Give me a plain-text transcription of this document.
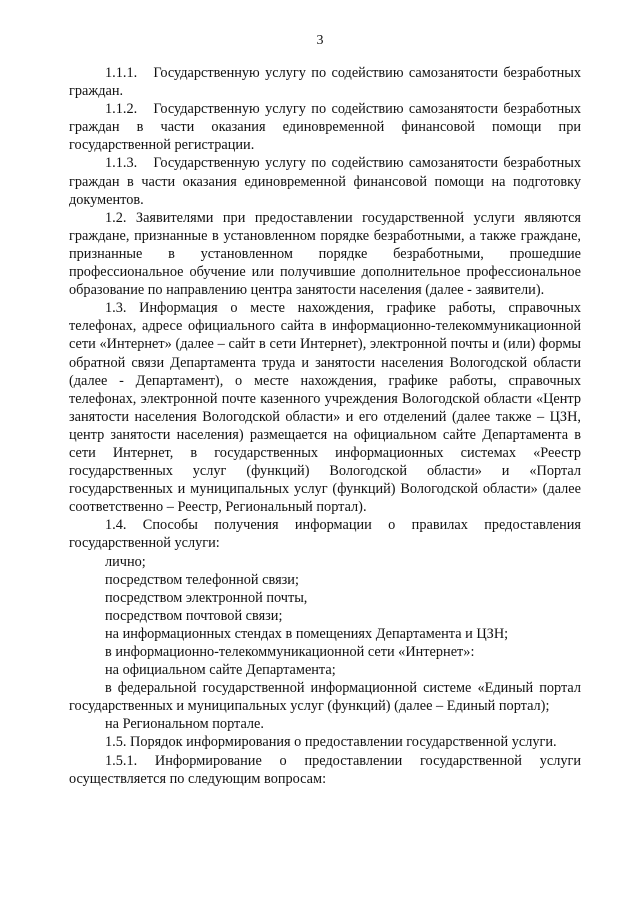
3

1.1.1.   Государственную услугу по содействию самозанятости безработных граждан.

1.1.2.   Государственную услугу по содействию самозанятости безработных граждан в части оказания единовременной финансовой помощи при государственной регистрации.

1.1.3.   Государственную услугу по содействию самозанятости безработных граждан в части оказания единовременной финансовой помощи на подготовку документов.

1.2. Заявителями при предоставлении государственной услуги являются граждане, признанные в установленном порядке безработными, а также граждане, признанные в установленном порядке безработными, прошедшие профессиональное обучение или получившие дополнительное профессиональное образование по направлению центра занятости населения (далее - заявители).

1.3. Информация о месте нахождения, графике работы, справочных телефонах, адресе официального сайта в информационно-телекоммуникационной сети «Интернет» (далее – сайт в сети Интернет), электронной почты и (или) формы обратной связи Департамента труда и занятости населения Вологодской области (далее - Департамент), о месте нахождения, графике работы, справочных телефонах, электронной почте казенного учреждения Вологодской области «Центр занятости населения Вологодской области» и его отделений (далее также – ЦЗН, центр занятости населения) размещается на официальном сайте Департамента в сети Интернет, в государственных информационных системах «Реестр государственных услуг (функций) Вологодской области» и «Портал государственных и муниципальных услуг (функций) Вологодской области» (далее соответственно – Реестр, Региональный портал).

1.4. Способы получения информации о правилах предоставления государственной услуги:

лично;

посредством телефонной связи;

посредством электронной почты,

посредством почтовой связи;

на информационных стендах в помещениях Департамента и ЦЗН;

в информационно-телекоммуникационной сети «Интернет»:

на официальном сайте Департамента;

в федеральной государственной информационной системе «Единый портал государственных и муниципальных услуг (функций) (далее – Единый портал);

на Региональном портале.

1.5. Порядок информирования о предоставлении государственной услуги.

1.5.1. Информирование о предоставлении государственной услуги осуществляется по следующим вопросам:
